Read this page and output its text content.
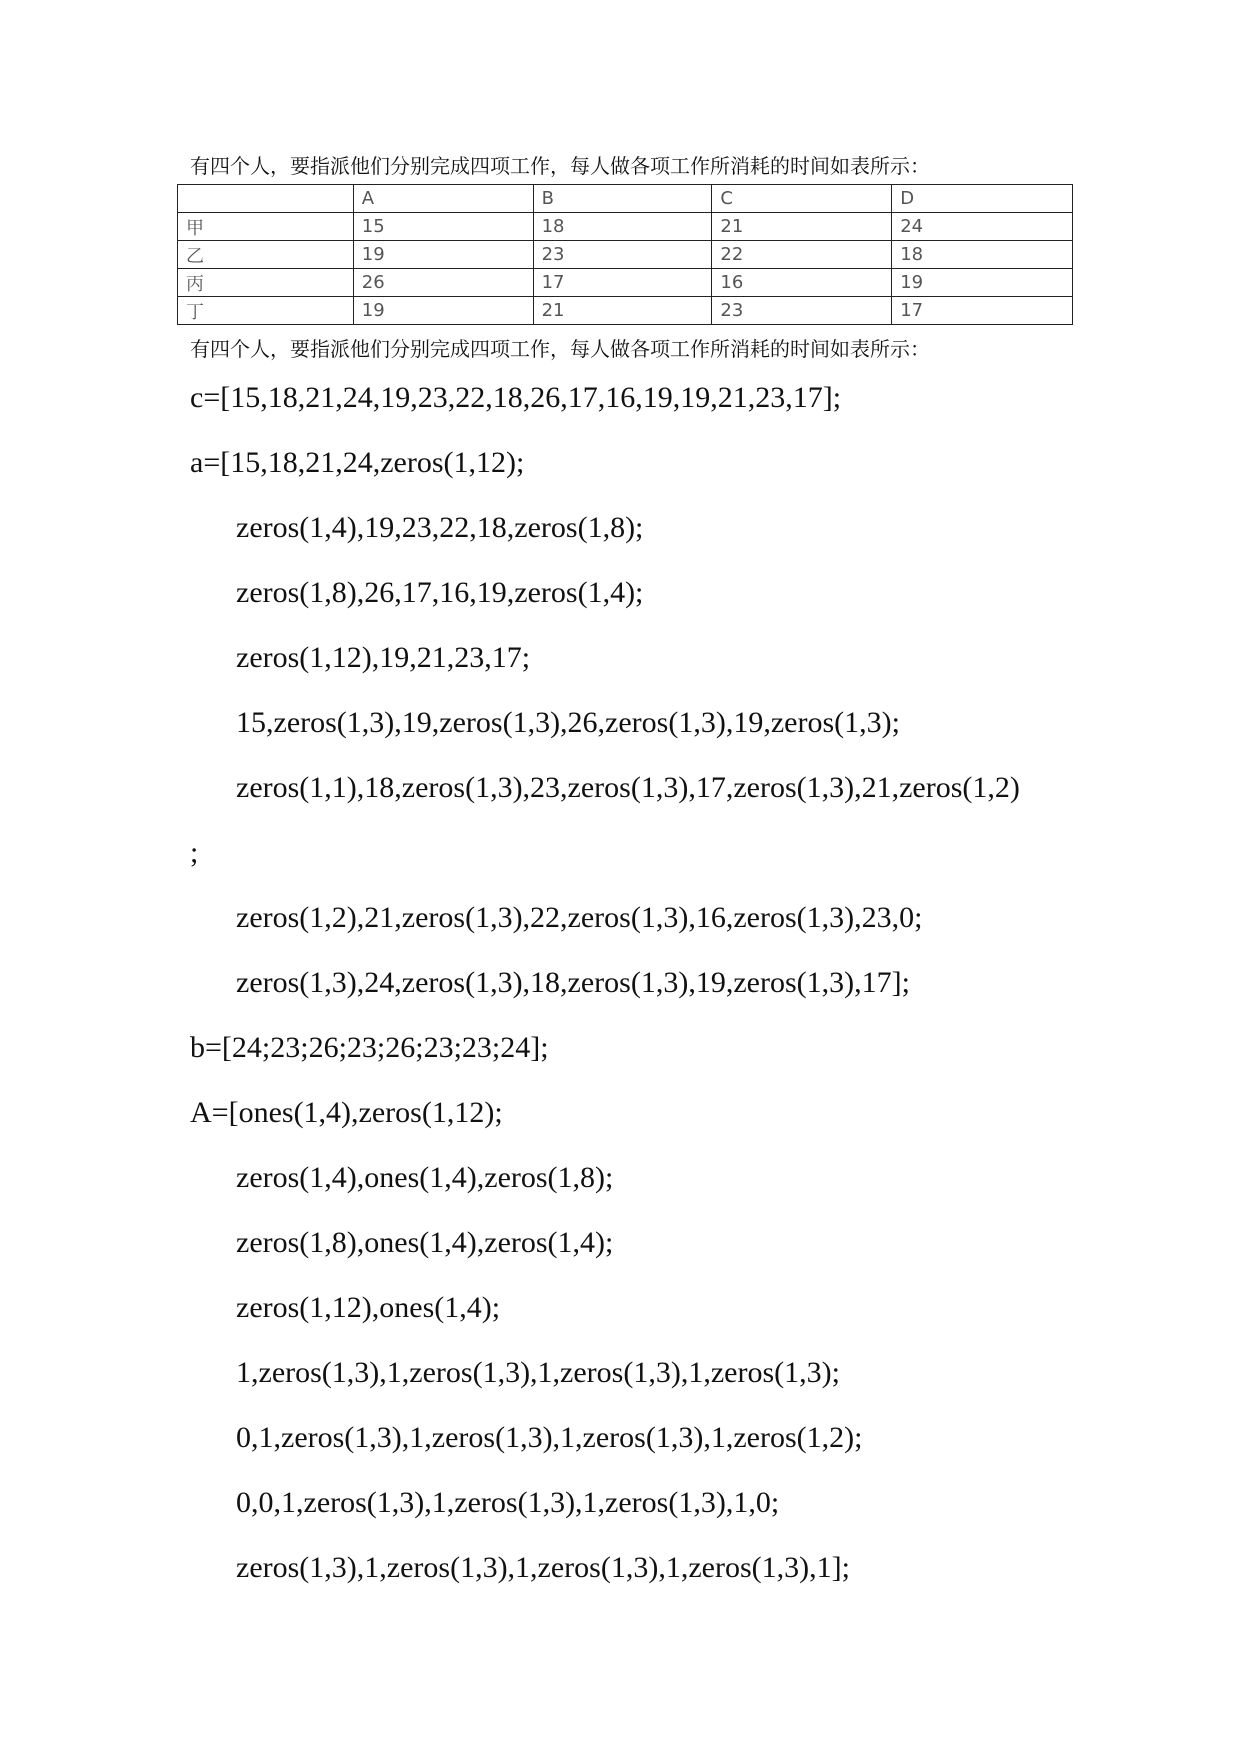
有四个人，要指派他们分别完成四项工作，每人做各项工作所消耗的时间如表所示：
	A	B	C	D
甲	15	18	21	24
乙	19	23	22	18
丙	26	17	16	19
丁	19	21	23	17
有四个人，要指派他们分别完成四项工作，每人做各项工作所消耗的时间如表所示：
c=[15,18,21,24,19,23,22,18,26,17,16,19,19,21,23,17];
a=[15,18,21,24,zeros(1,12);
zeros(1,4),19,23,22,18,zeros(1,8);
zeros(1,8),26,17,16,19,zeros(1,4);
zeros(1,12),19,21,23,17;
15,zeros(1,3),19,zeros(1,3),26,zeros(1,3),19,zeros(1,3);
zeros(1,1),18,zeros(1,3),23,zeros(1,3),17,zeros(1,3),21,zeros(1,2)
;
zeros(1,2),21,zeros(1,3),22,zeros(1,3),16,zeros(1,3),23,0;
zeros(1,3),24,zeros(1,3),18,zeros(1,3),19,zeros(1,3),17];
b=[24;23;26;23;26;23;23;24];
A=[ones(1,4),zeros(1,12);
zeros(1,4),ones(1,4),zeros(1,8);
zeros(1,8),ones(1,4),zeros(1,4);
zeros(1,12),ones(1,4);
1,zeros(1,3),1,zeros(1,3),1,zeros(1,3),1,zeros(1,3);
0,1,zeros(1,3),1,zeros(1,3),1,zeros(1,3),1,zeros(1,2);
0,0,1,zeros(1,3),1,zeros(1,3),1,zeros(1,3),1,0;
zeros(1,3),1,zeros(1,3),1,zeros(1,3),1,zeros(1,3),1];
